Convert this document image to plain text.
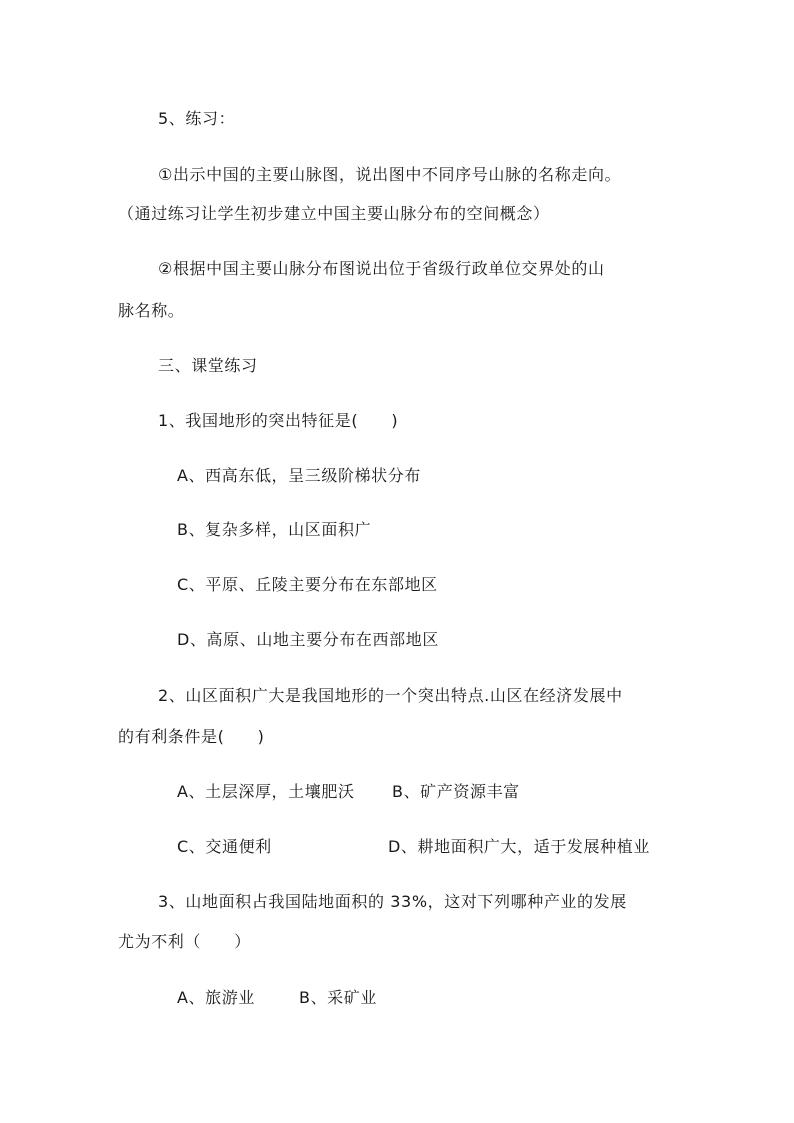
5、练习：
①出示中国的主要山脉图，说出图中不同序号山脉的名称走向。
（通过练习让学生初步建立中国主要山脉分布的空间概念）
②根据中国主要山脉分布图说出位于省级行政单位交界处的山
脉名称。
三、课堂练习
1、我国地形的突出特征是(　　)
A、西高东低，呈三级阶梯状分布
B、复杂多样，山区面积广
C、平原、丘陵主要分布在东部地区
D、高原、山地主要分布在西部地区
2、山区面积广大是我国地形的一个突出特点.山区在经济发展中
的有利条件是(　　)
A、土层深厚，土壤肥沃 B、矿产资源丰富
C、交通便利	D、耕地面积广大，适于发展种植业
3、山地面积占我国陆地面积的 33%，这对下列哪种产业的发展
尤为不利（　　）
A、旅游业	B、采矿业
